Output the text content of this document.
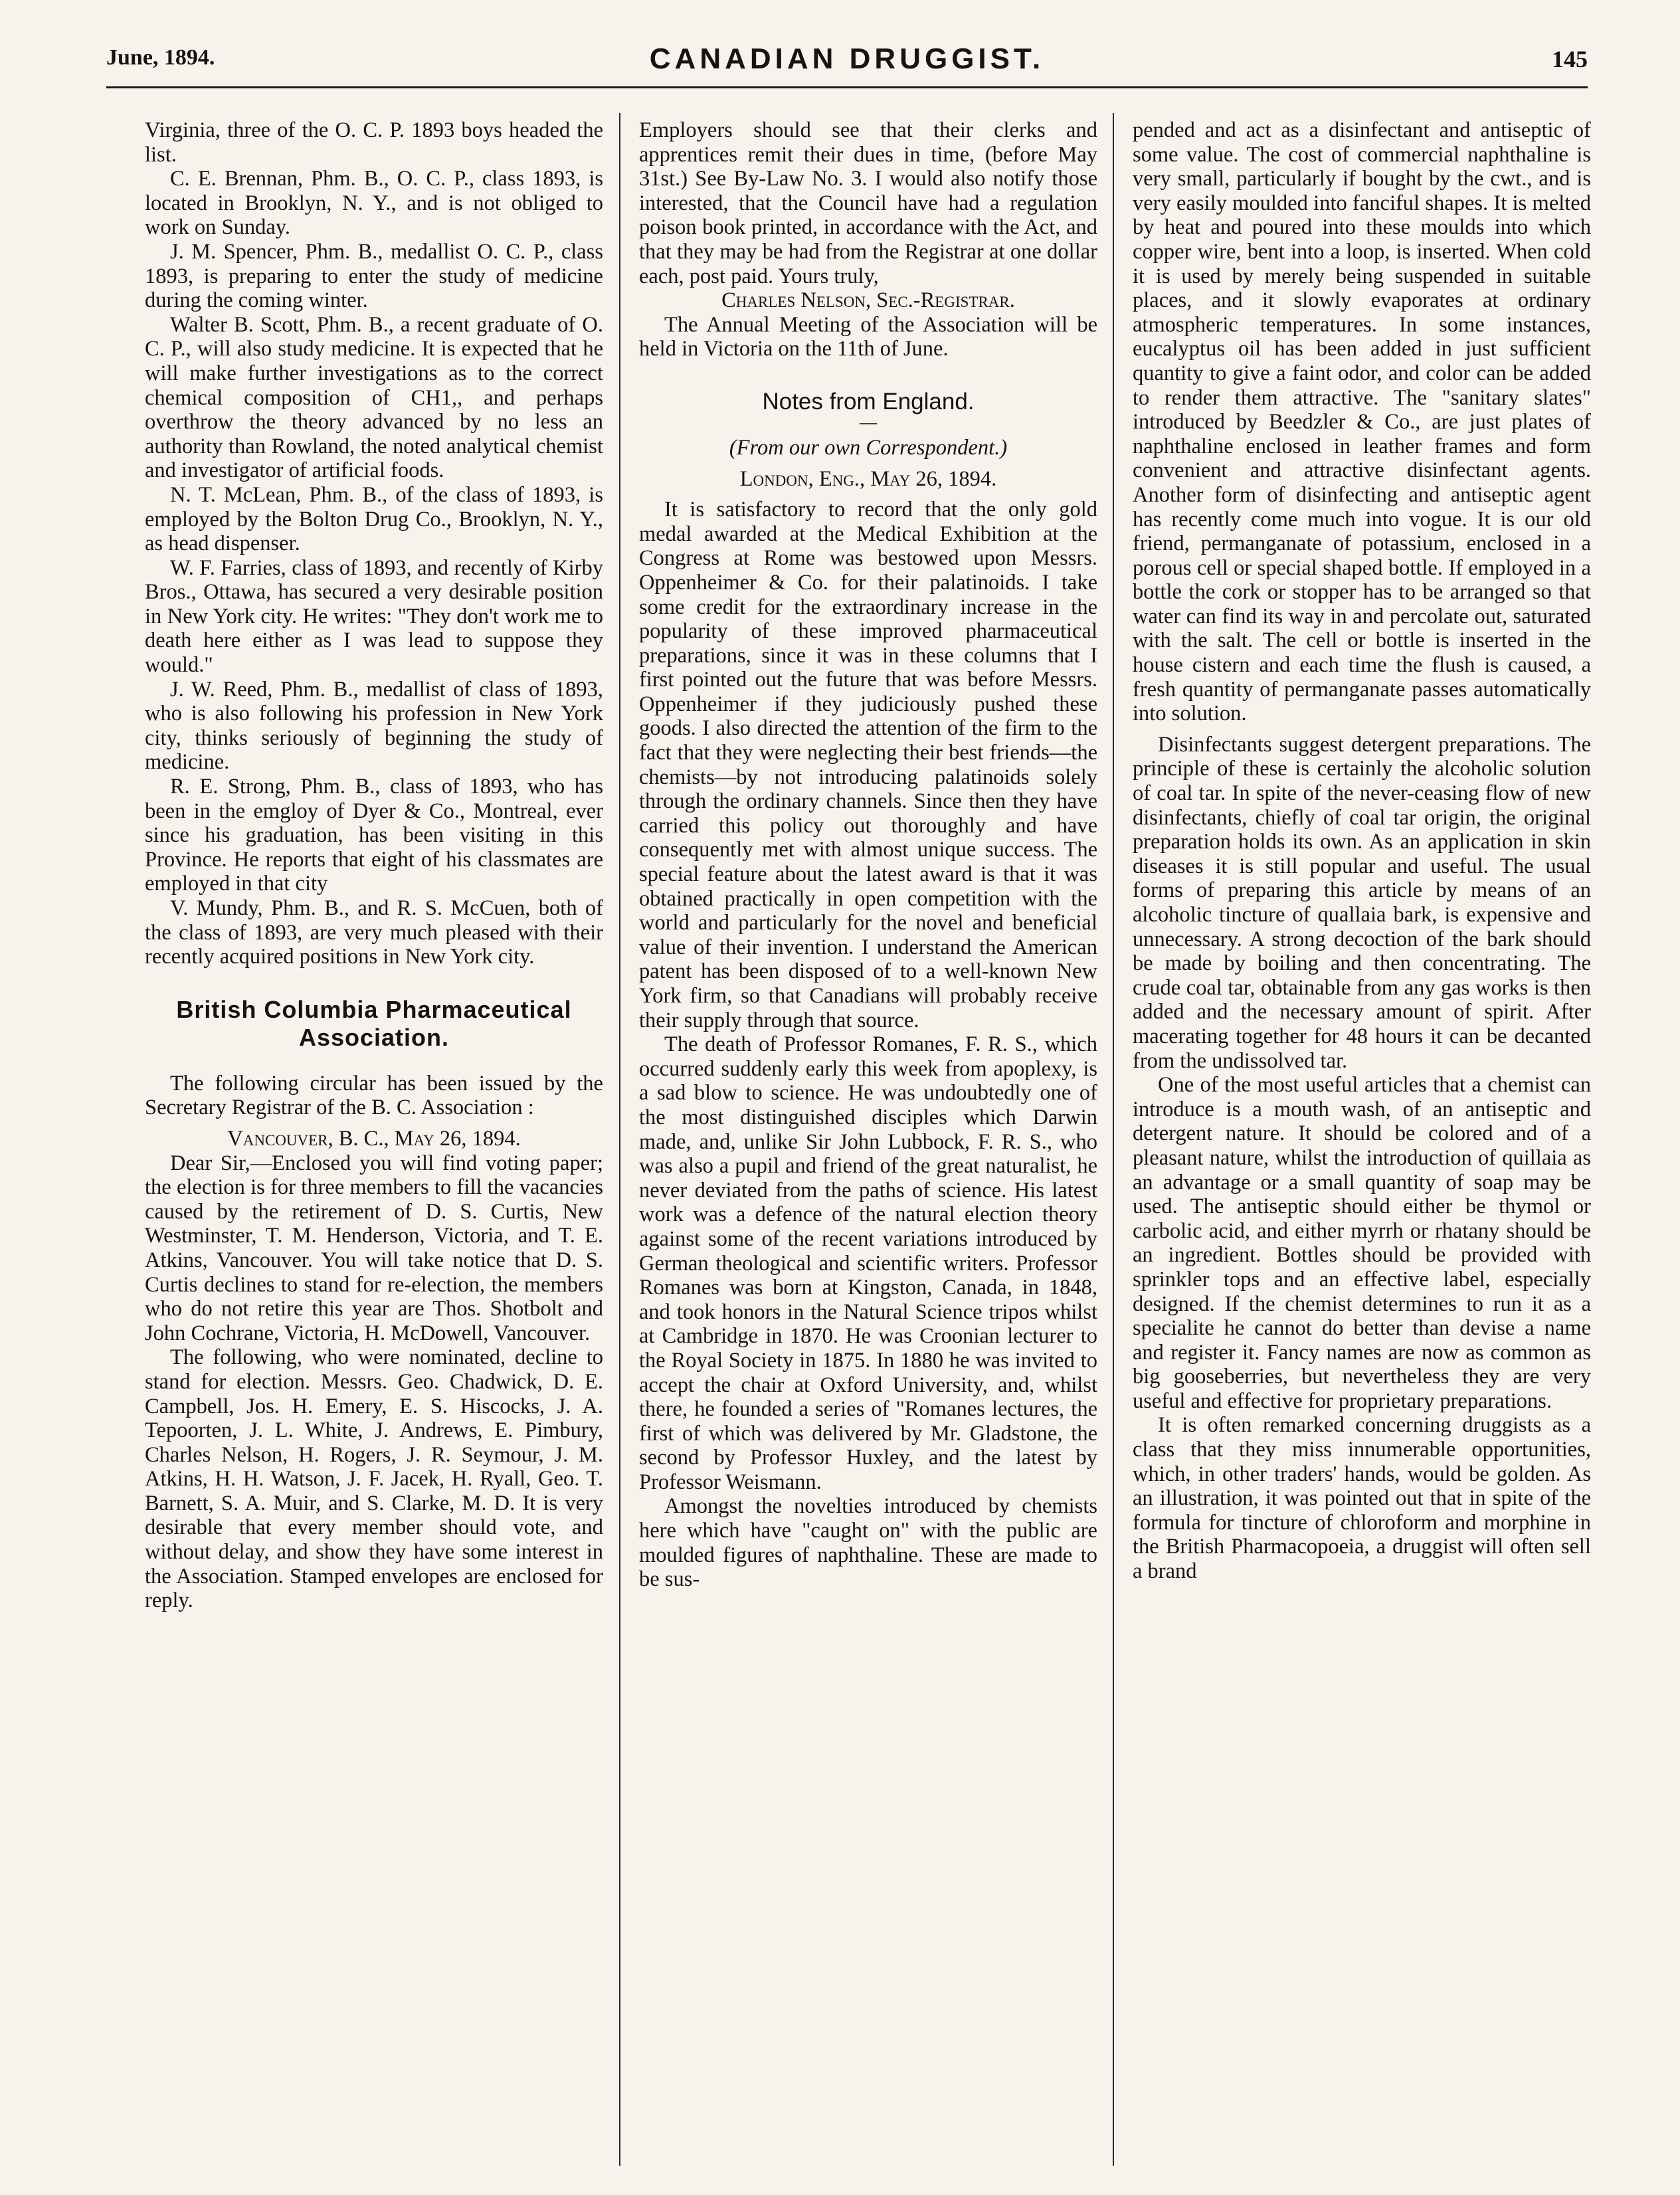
June, 1894.	CANADIAN DRUGGIST.	145

Virginia, three of the O. C. P. 1893 boys headed the list.

C. E. Brennan, Phm. B., O. C. P., class 1893, is located in Brooklyn, N. Y., and is not obliged to work on Sunday.

J. M. Spencer, Phm. B., medallist O. C. P., class 1893, is preparing to enter the study of medicine during the coming winter.

Walter B. Scott, Phm. B., a recent graduate of O. C. P., will also study medicine. It is expected that he will make further investigations as to the correct chemical composition of CH1,, and perhaps overthrow the theory advanced by no less an authority than Rowland, the noted analytical chemist and investigator of artificial foods.

N. T. McLean, Phm. B., of the class of 1893, is employed by the Bolton Drug Co., Brooklyn, N. Y., as head dispenser.

W. F. Farries, class of 1893, and recently of Kirby Bros., Ottawa, has secured a very desirable position in New York city. He writes: "They don't work me to death here either as I was lead to suppose they would."

J. W. Reed, Phm. B., medallist of class of 1893, who is also following his profession in New York city, thinks seriously of beginning the study of medicine.

R. E. Strong, Phm. B., class of 1893, who has been in the emgloy of Dyer & Co., Montreal, ever since his graduation, has been visiting in this Province. He reports that eight of his classmates are employed in that city

V. Mundy, Phm. B., and R. S. McCuen, both of the class of 1893, are very much pleased with their recently acquired positions in New York city.

British Columbia Pharmaceutical Association.

The following circular has been issued by the Secretary Registrar of the B. C. Association :

Vancouver, B. C., May 26, 1894.

Dear Sir,—Enclosed you will find voting paper; the election is for three members to fill the vacancies caused by the retirement of D. S. Curtis, New Westminster, T. M. Henderson, Victoria, and T. E. Atkins, Vancouver. You will take notice that D. S. Curtis declines to stand for re-election, the members who do not retire this year are Thos. Shotbolt and John Cochrane, Victoria, H. McDowell, Vancouver.

The following, who were nominated, decline to stand for election. Messrs. Geo. Chadwick, D. E. Campbell, Jos. H. Emery, E. S. Hiscocks, J. A. Tepoorten, J. L. White, J. Andrews, E. Pimbury, Charles Nelson, H. Rogers, J. R. Seymour, J. M. Atkins, H. H. Watson, J. F. Jacek, H. Ryall, Geo. T. Barnett, S. A. Muir, and S. Clarke, M. D. It is very desirable that every member should vote, and without delay, and show they have some interest in the Association. Stamped envelopes are enclosed for reply.

Employers should see that their clerks and apprentices remit their dues in time, (before May 31st.) See By-Law No. 3. I would also notify those interested, that the Council have had a regulation poison book printed, in accordance with the Act, and that they may be had from the Registrar at one dollar each, post paid. Yours truly,

Charles Nelson, Sec.-Registrar.

The Annual Meeting of the Association will be held in Victoria on the 11th of June.

Notes from England.
—

(From our own Correspondent.)

London, Eng., May 26, 1894.

It is satisfactory to record that the only gold medal awarded at the Medical Exhibition at the Congress at Rome was bestowed upon Messrs. Oppenheimer & Co. for their palatinoids. I take some credit for the extraordinary increase in the popularity of these improved pharmaceutical preparations, since it was in these columns that I first pointed out the future that was before Messrs. Oppenheimer if they judiciously pushed these goods. I also directed the attention of the firm to the fact that they were neglecting their best friends—the chemists—by not introducing palatinoids solely through the ordinary channels. Since then they have carried this policy out thoroughly and have consequently met with almost unique success. The special feature about the latest award is that it was obtained practically in open competition with the world and particularly for the novel and beneficial value of their invention. I understand the American patent has been disposed of to a well-known New York firm, so that Canadians will probably receive their supply through that source.

The death of Professor Romanes, F. R. S., which occurred suddenly early this week from apoplexy, is a sad blow to science. He was undoubtedly one of the most distinguished disciples which Darwin made, and, unlike Sir John Lubbock, F. R. S., who was also a pupil and friend of the great naturalist, he never deviated from the paths of science. His latest work was a defence of the natural election theory against some of the recent variations introduced by German theological and scientific writers. Professor Romanes was born at Kingston, Canada, in 1848, and took honors in the Natural Science tripos whilst at Cambridge in 1870. He was Croonian lecturer to the Royal Society in 1875. In 1880 he was invited to accept the chair at Oxford University, and, whilst there, he founded a series of "Romanes lectures, the first of which was delivered by Mr. Gladstone, the second by Professor Huxley, and the latest by Professor Weismann.

Amongst the novelties introduced by chemists here which have "caught on" with the public are moulded figures of naphthaline. These are made to be sus-

pended and act as a disinfectant and antiseptic of some value. The cost of commercial naphthaline is very small, particularly if bought by the cwt., and is very easily moulded into fanciful shapes. It is melted by heat and poured into these moulds into which copper wire, bent into a loop, is inserted. When cold it is used by merely being suspended in suitable places, and it slowly evaporates at ordinary atmospheric temperatures. In some instances, eucalyptus oil has been added in just sufficient quantity to give a faint odor, and color can be added to render them attractive. The "sanitary slates" introduced by Beedzler & Co., are just plates of naphthaline enclosed in leather frames and form convenient and attractive disinfectant agents. Another form of disinfecting and antiseptic agent has recently come much into vogue. It is our old friend, permanganate of potassium, enclosed in a porous cell or special shaped bottle. If employed in a bottle the cork or stopper has to be arranged so that water can find its way in and percolate out, saturated with the salt. The cell or bottle is inserted in the house cistern and each time the flush is caused, a fresh quantity of permanganate passes automatically into solution.

Disinfectants suggest detergent preparations. The principle of these is certainly the alcoholic solution of coal tar. In spite of the never-ceasing flow of new disinfectants, chiefly of coal tar origin, the original preparation holds its own. As an application in skin diseases it is still popular and useful. The usual forms of preparing this article by means of an alcoholic tincture of quallaia bark, is expensive and unnecessary. A strong decoction of the bark should be made by boiling and then concentrating. The crude coal tar, obtainable from any gas works is then added and the necessary amount of spirit. After macerating together for 48 hours it can be decanted from the undissolved tar.

One of the most useful articles that a chemist can introduce is a mouth wash, of an antiseptic and detergent nature. It should be colored and of a pleasant nature, whilst the introduction of quillaia as an advantage or a small quantity of soap may be used. The antiseptic should either be thymol or carbolic acid, and either myrrh or rhatany should be an ingredient. Bottles should be provided with sprinkler tops and an effective label, especially designed. If the chemist determines to run it as a specialite he cannot do better than devise a name and register it. Fancy names are now as common as big gooseberries, but nevertheless they are very useful and effective for proprietary preparations.

It is often remarked concerning druggists as a class that they miss innumerable opportunities, which, in other traders' hands, would be golden. As an illustration, it was pointed out that in spite of the formula for tincture of chloroform and morphine in the British Pharmacopoeia, a druggist will often sell a brand
